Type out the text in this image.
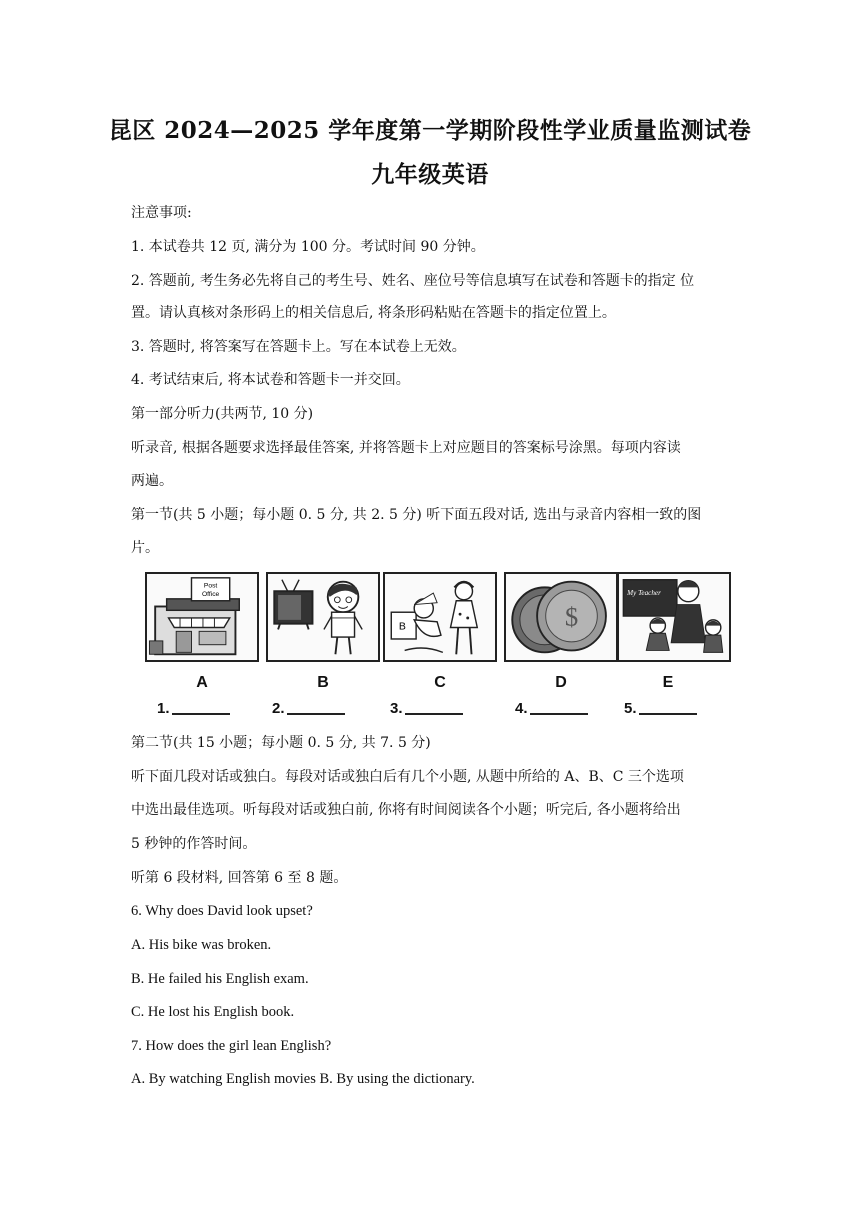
昆区 2024—2025 学年度第一学期阶段性学业质量监测试卷
九年级英语
注意事项:
1. 本试卷共 12 页, 满分为 100 分。考试时间 90 分钟。
2. 答题前, 考生务必先将自己的考生号、姓名、座位号等信息填写在试卷和答题卡的指定 位
置。请认真核对条形码上的相关信息后, 将条形码粘贴在答题卡的指定位置上。
3. 答题时, 将答案写在答题卡上。写在本试卷上无效。
4. 考试结束后, 将本试卷和答题卡一并交回。
第一部分听力(共两节, 10 分)
听录音, 根据各题要求选择最佳答案, 并将答题卡上对应题目的答案标号涂黑。每项内容读
两遍。
第一节(共 5 小题；每小题 0. 5 分, 共 2. 5 分) 听下面五段对话, 选出与录音内容相一致的图
片。
Post
Office
B	$
My Teacher
A	B	C	D	E
1.	2.	3.	4.	5.
第二节(共 15 小题；每小题 0. 5 分, 共 7. 5 分)
听下面几段对话或独白。每段对话或独白后有几个小题, 从题中所给的 A、B、C 三个选项
中选出最佳选项。听每段对话或独白前, 你将有时间阅读各个小题；听完后, 各小题将给出
5 秒钟的作答时间。
听第 6 段材料, 回答第 6 至 8 题。
6. Why does David look upset?
A. His bike was broken.
B. He failed his English exam.
C. He lost his English book.
7. How does the girl lean English?
A. By watching English movies B. By using the dictionary.
